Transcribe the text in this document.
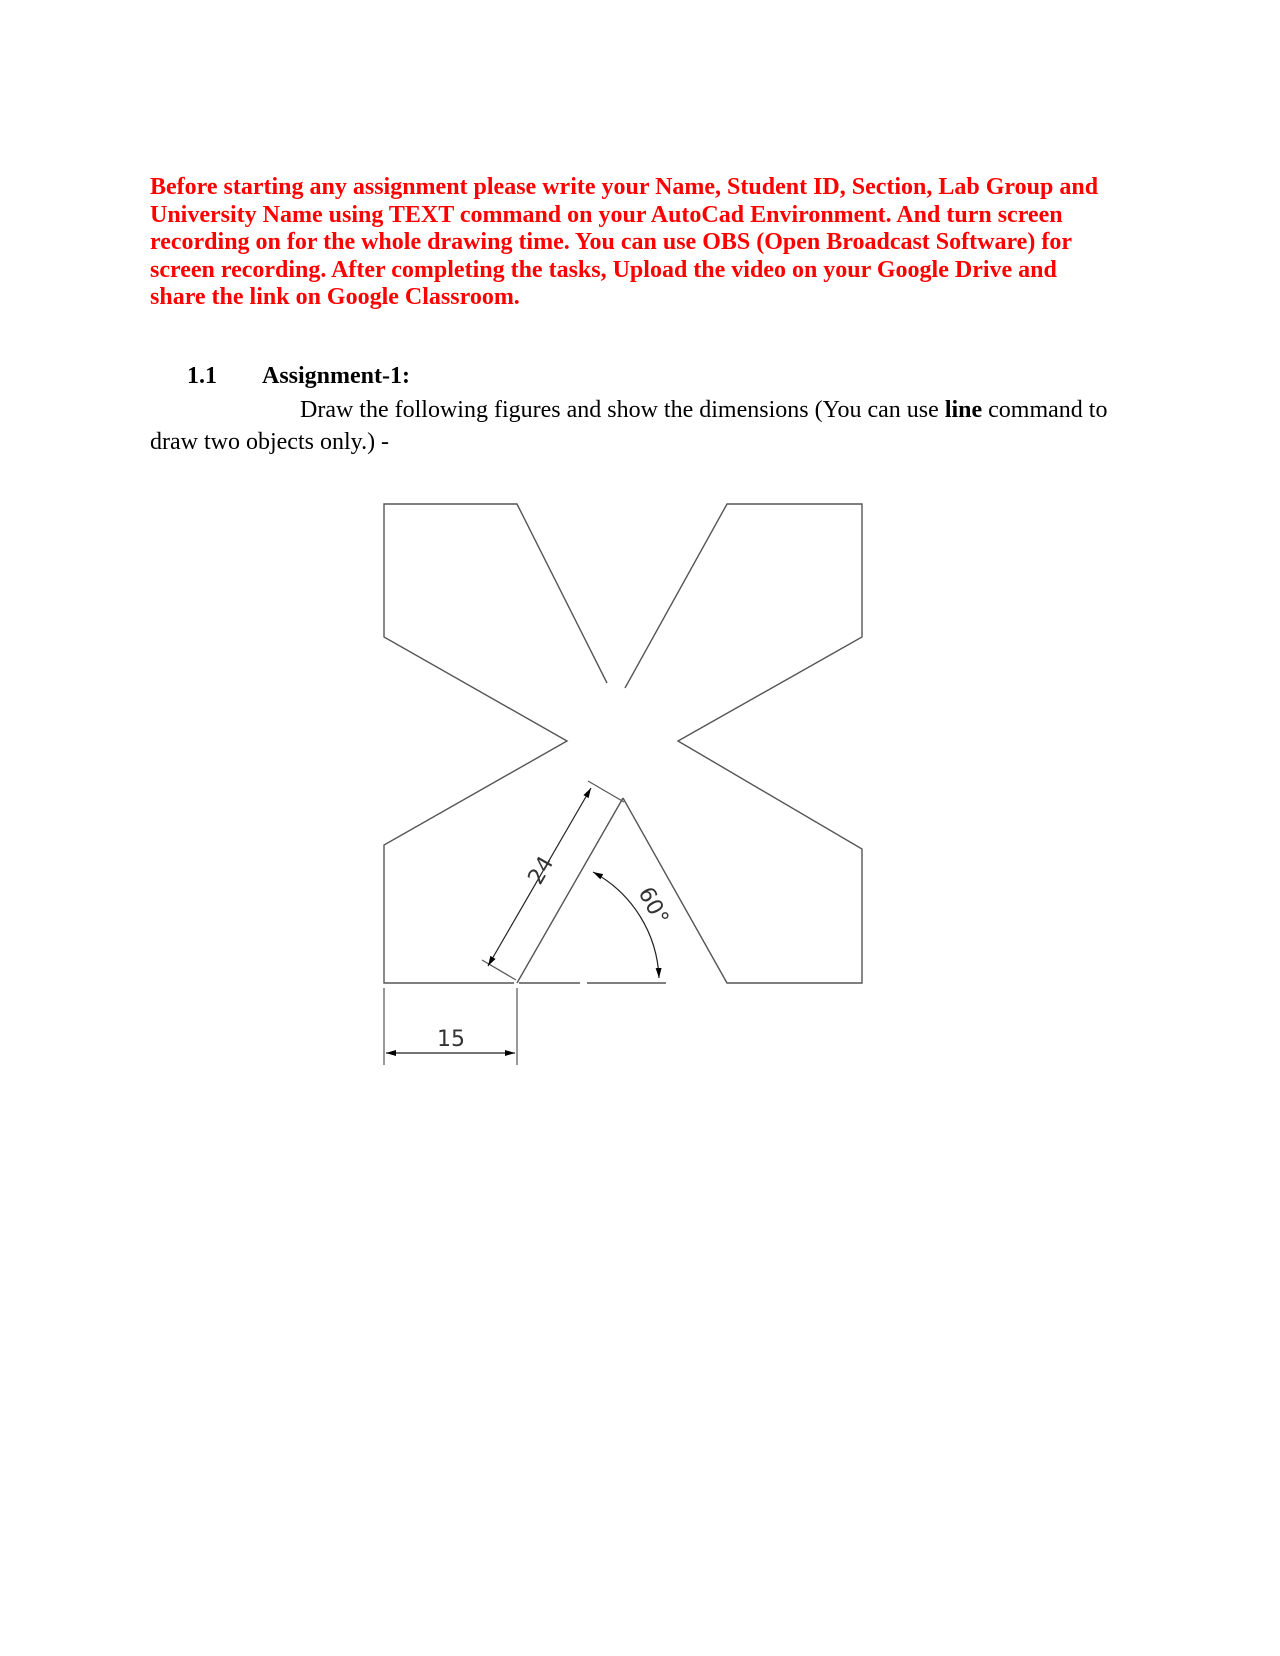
Before starting any assignment please write your Name, Student ID, Section, Lab Group and University Name using TEXT command on your AutoCad Environment. And turn screen recording on for the whole drawing time. You can use OBS (Open Broadcast Software) for screen recording. After completing the tasks, Upload the video on your Google Drive and share the link on Google Classroom.

1.1 Assignment-1:

Draw the following figures and show the dimensions (You can use line command to draw two objects only.) -

15
24
60°
